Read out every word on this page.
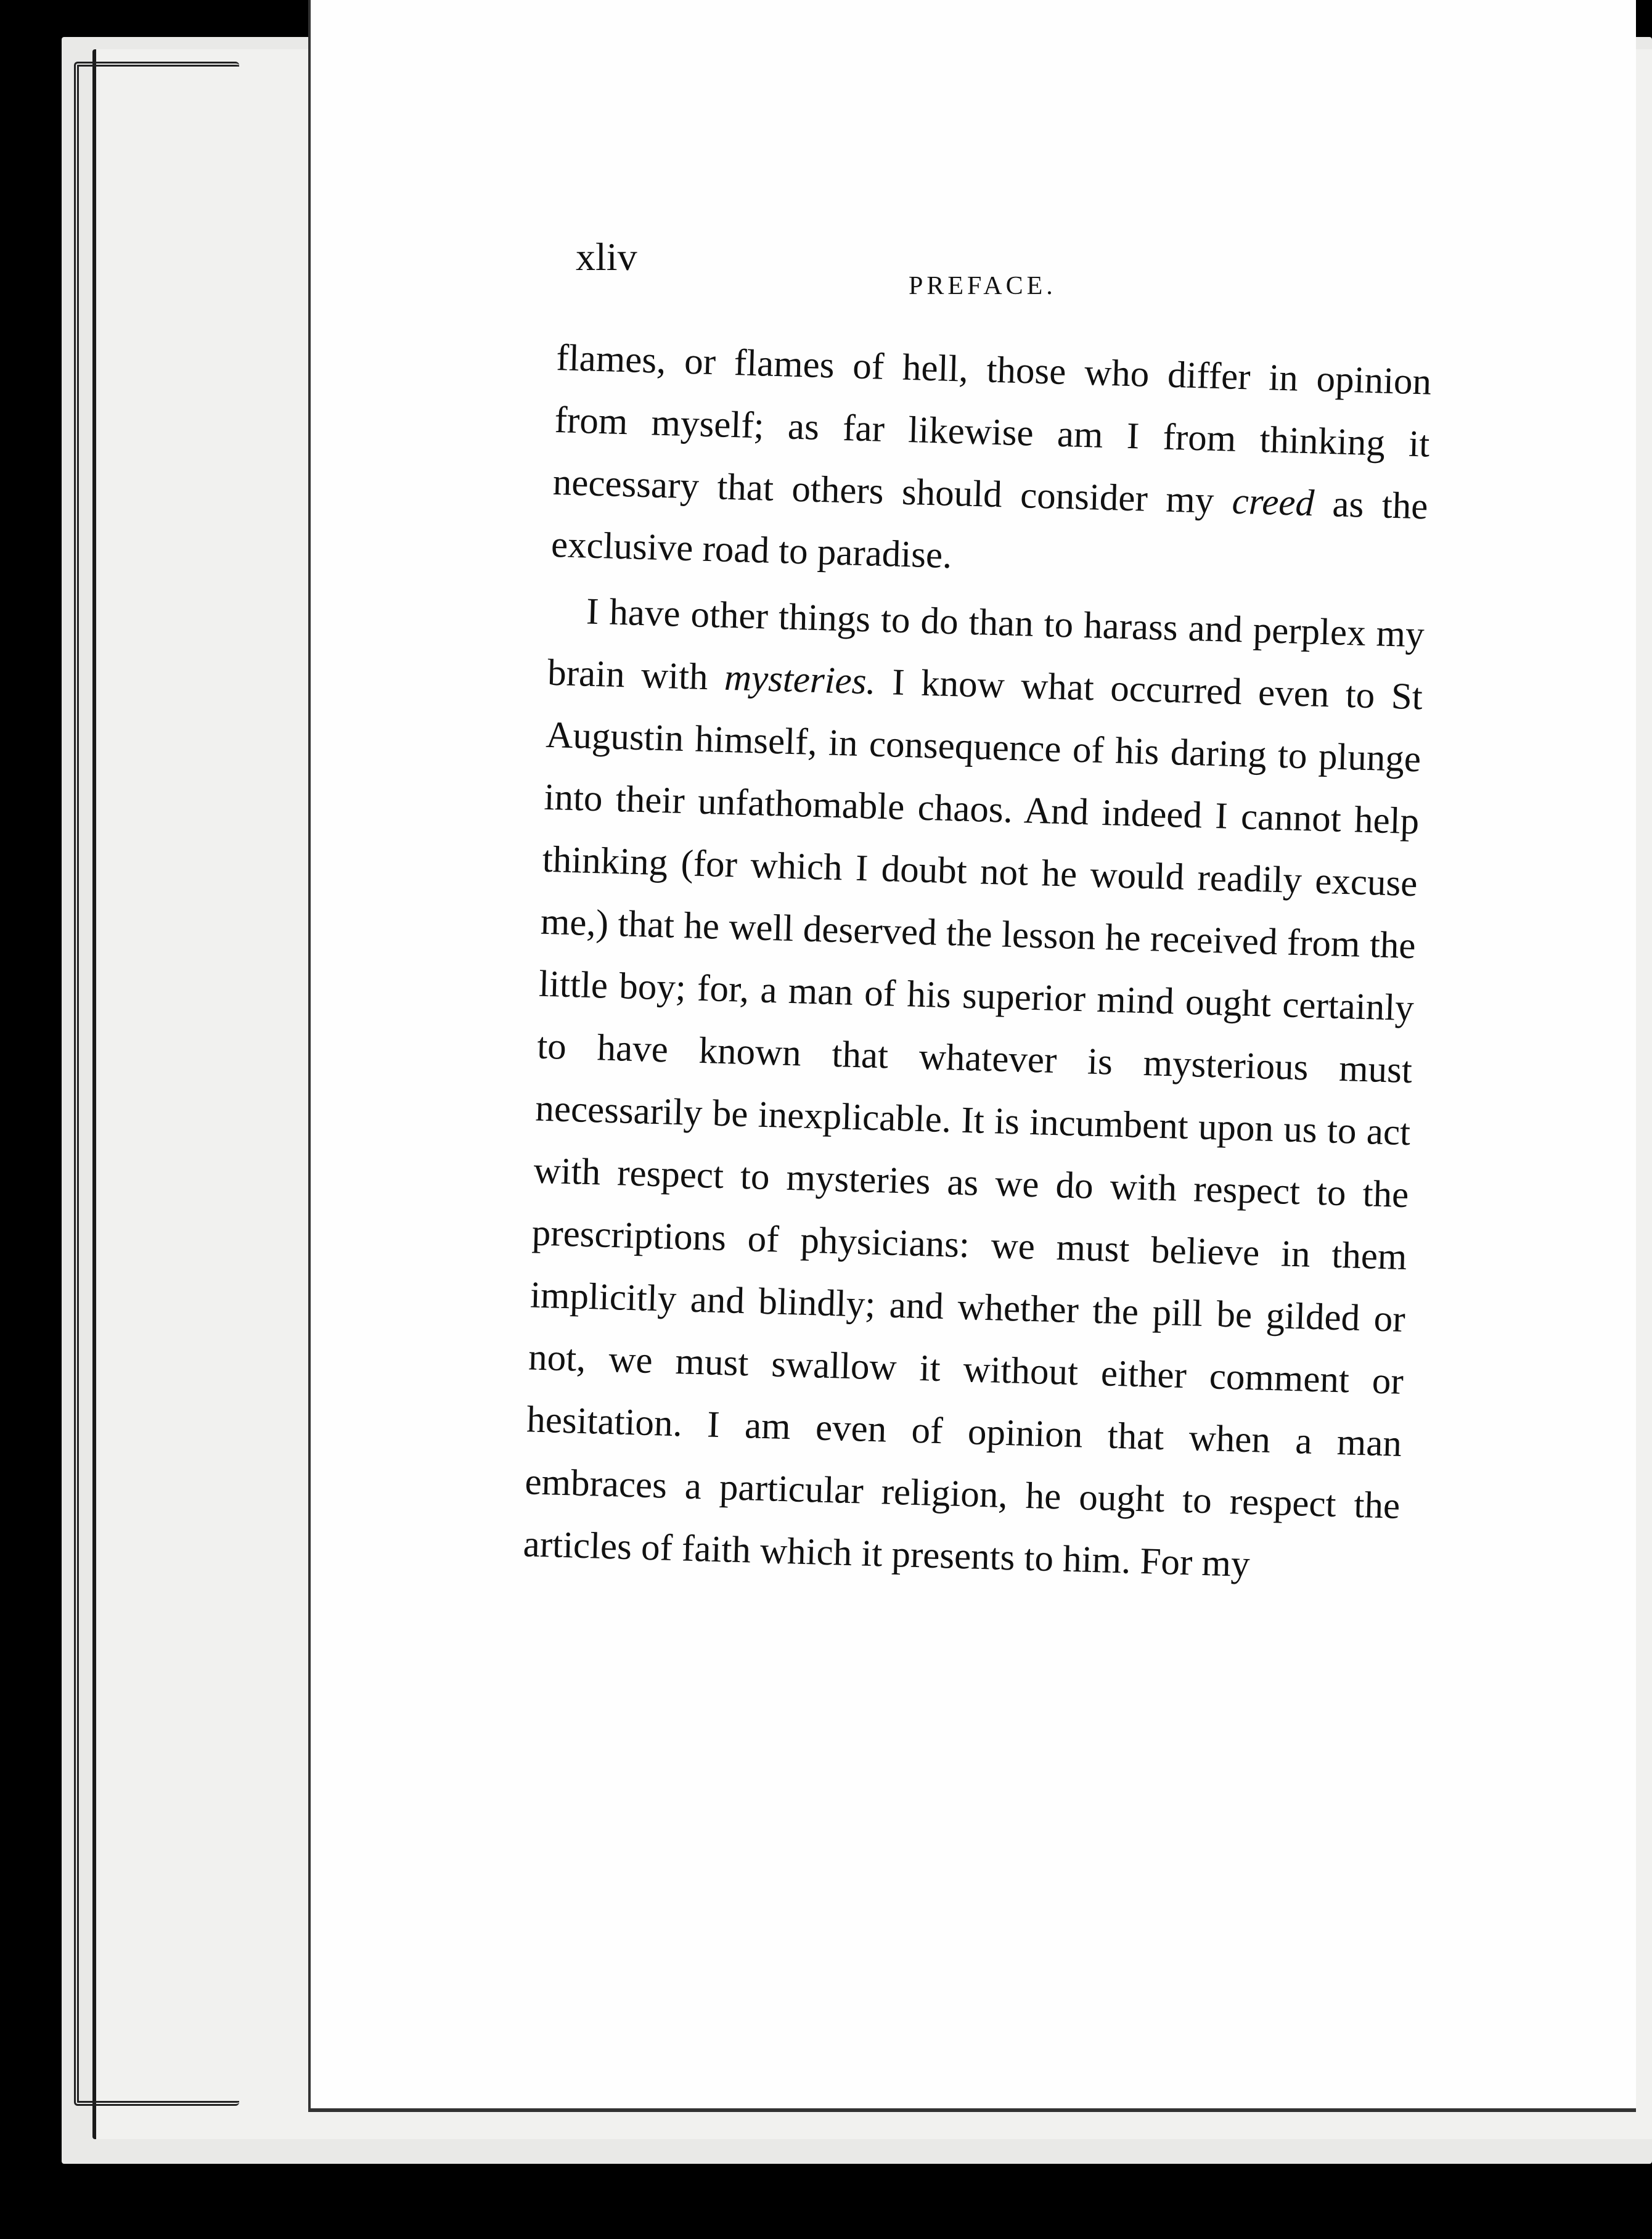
xliv
PREFACE.

flames, or flames of hell, those who differ in opinion from myself; as far likewise am I from thinking it necessary that others should consider my creed as the exclusive road to paradise.

I have other things to do than to harass and perplex my brain with mysteries. I know what occurred even to St Augustin himself, in consequence of his daring to plunge into their unfathomable chaos. And indeed I cannot help thinking (for which I doubt not he would readily excuse me,) that he well deserved the lesson he received from the little boy; for, a man of his superior mind ought certainly to have known that whatever is mysterious must necessarily be inexplicable. It is incumbent upon us to act with respect to mysteries as we do with respect to the prescriptions of physicians: we must believe in them implicitly and blindly; and whether the pill be gilded or not, we must swallow it without either comment or hesitation. I am even of opinion that when a man embraces a particular religion, he ought to respect the articles of faith which it presents to him. For my
